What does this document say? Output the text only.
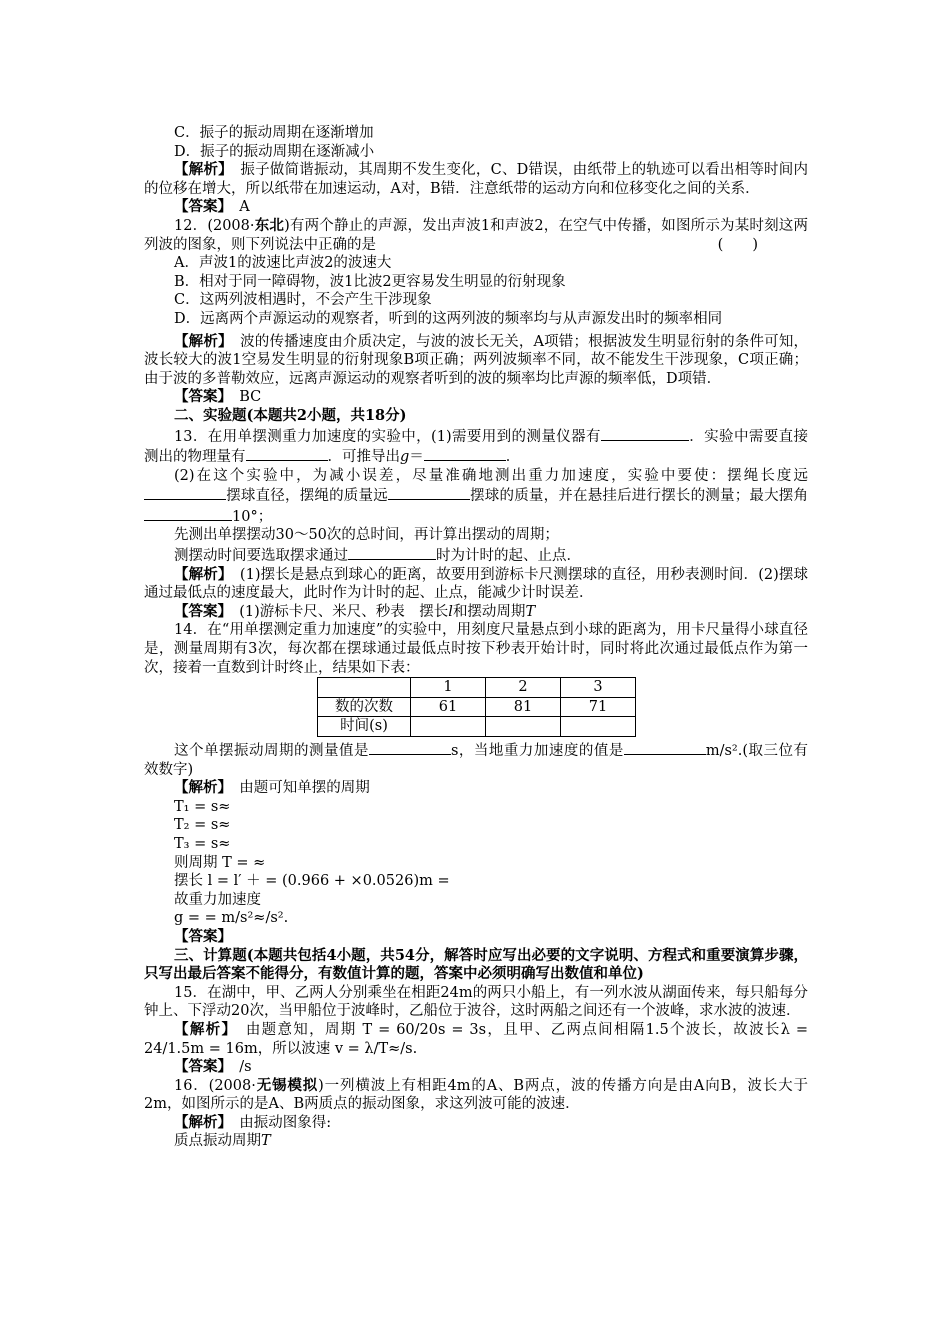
C．振子的振动周期在逐渐增加

D．振子的振动周期在逐渐减小

【解析】　振子做简谐振动，其周期不发生变化，C、D错误，由纸带上的轨迹可以看出相等时间内的位移在增大，所以纸带在加速运动，A对，B错．注意纸带的运动方向和位移变化之间的关系．

【答案】　A

12．(2008·东北)有两个静止的声源，发出声波1和声波2，在空气中传播，如图所示为某时刻这两列波的图象，则下列说法中正确的是	(　　)

A．声波1的波速比声波2的波速大

B．相对于同一障碍物，波1比波2更容易发生明显的衍射现象

C．这两列波相遇时，不会产生干涉现象

D．远离两个声源运动的观察者，听到的这两列波的频率均与从声源发出时的频率相同

【解析】　波的传播速度由介质决定，与波的波长无关，A项错；根据波发生明显衍射的条件可知，波长较大的波1空易发生明显的衍射现象B项正确；两列波频率不同，故不能发生干涉现象，C项正确；由于波的多普勒效应，远离声源运动的观察者听到的波的频率均比声源的频率低，D项错．

【答案】　BC

二、实验题(本题共2小题，共18分)

13．在用单摆测重力加速度的实验中，(1)需要用到的测量仪器有	．实验中需要直接测出的物理量有	．可推导出g＝	．

(2)在这个实验中，为减小误差，尽量准确地测出重力加速度，实验中要使：摆绳长度远摆球直径，摆绳的质量远	摆球的质量，并在悬挂后进行摆长的测量；最大摆角10°；

先测出单摆摆动30～50次的总时间，再计算出摆动的周期；

测摆动时间要选取摆求通过	时为计时的起、止点．

【解析】　(1)摆长是悬点到球心的距离，故要用到游标卡尺测摆球的直径，用秒表测时间．(2)摆球通过最低点的速度最大，此时作为计时的起、止点，能减少计时误差．

【答案】　(1)游标卡尺、米尺、秒表　摆长l和摆动周期T

14．在“用单摆测定重力加速度”的实验中，用刻度尺量悬点到小球的距离为，用卡尺量得小球直径是，测量周期有3次，每次都在摆球通过最低点时按下秒表开始计时，同时将此次通过最低点作为第一次，接着一直数到计时终止，结果如下表：

	1	2	3
数的次数	61	81	71
时间(s)			

这个单摆振动周期的测量值是	s，当地重力加速度的值是	m/s².(取三位有效数字)

【解析】　由题可知单摆的周期

T₁ = s≈

T₂ = s≈

T₃ = s≈

则周期 T = ≈

摆长 l = l′ ＋ = (0.966 + ×0.0526)m =

故重力加速度

g = = m/s²≈/s².

【答案】

三、计算题(本题共包括4小题，共54分，解答时应写出必要的文字说明、方程式和重要演算步骤，只写出最后答案不能得分，有数值计算的题，答案中必须明确写出数值和单位)

15．在湖中，甲、乙两人分别乘坐在相距24m的两只小船上，有一列水波从湖面传来，每只船每分钟上、下浮动20次，当甲船位于波峰时，乙船位于波谷，这时两船之间还有一个波峰，求水波的波速．

【解析】　由题意知，周期 T = 60/20s = 3s，且甲、乙两点间相隔1.5个波长，故波长λ = 24/1.5m = 16m，所以波速 v = λ/T≈/s.

【答案】　/s

16．(2008·无锡模拟)一列横波上有相距4m的A、B两点，波的传播方向是由A向B，波长大于2m，如图所示的是A、B两质点的振动图象，求这列波可能的波速．

【解析】　由振动图象得:

质点振动周期T
